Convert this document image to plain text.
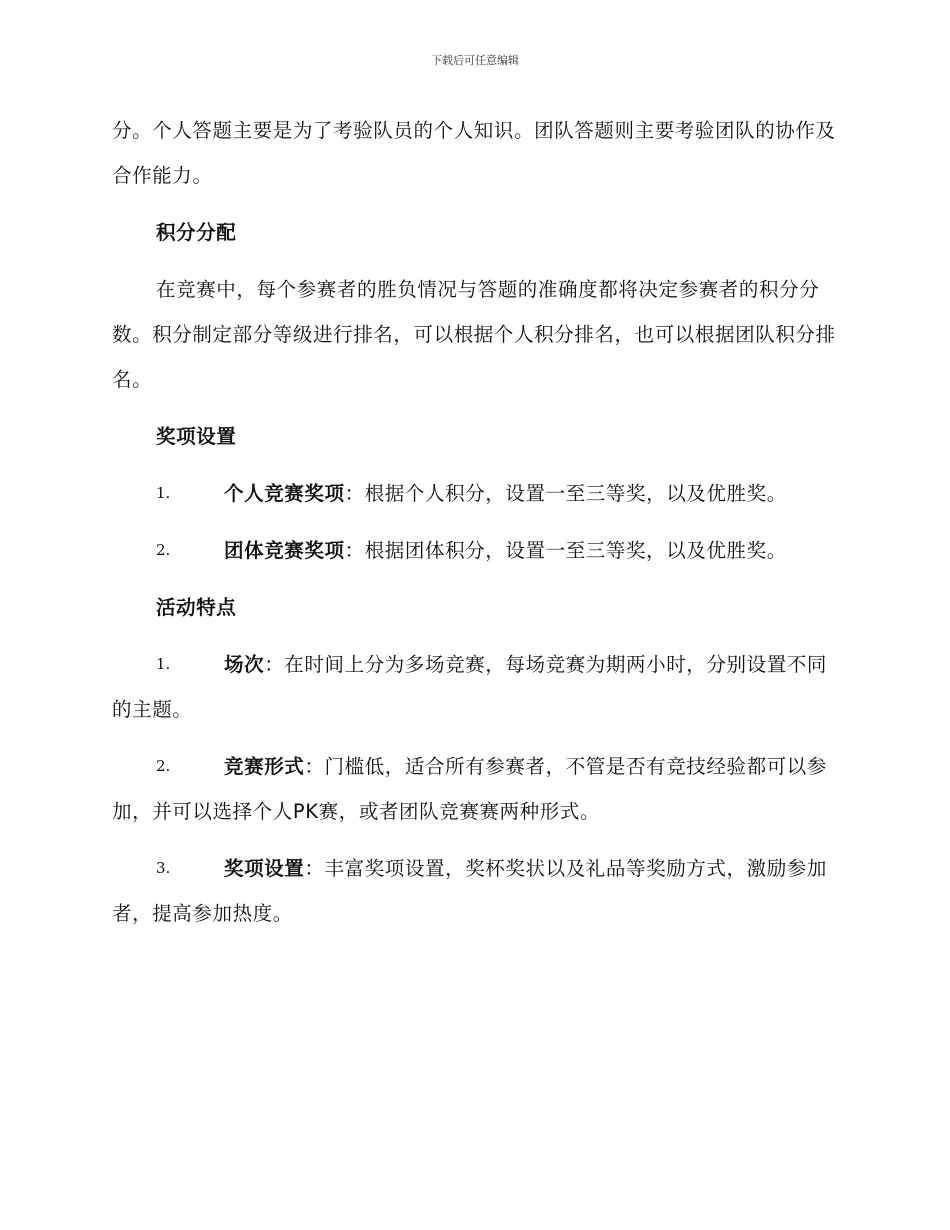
下载后可任意编辑

分。个人答题主要是为了考验队员的个人知识。团队答题则主要考验团队的协作及合作能力。

积分分配

在竞赛中，每个参赛者的胜负情况与答题的准确度都将决定参赛者的积分分数。积分制定部分等级进行排名，可以根据个人积分排名，也可以根据团队积分排名。

奖项设置
1.	个人竞赛奖项：根据个人积分，设置一至三等奖，以及优胜奖。
2.	团体竞赛奖项：根据团体积分，设置一至三等奖，以及优胜奖。
活动特点
1.	场次：在时间上分为多场竞赛，每场竞赛为期两小时，分别设置不同的主题。
2.	竞赛形式：门槛低，适合所有参赛者，不管是否有竞技经验都可以参加，并可以选择个人PK赛，或者团队竞赛赛两种形式。
3.	奖项设置：丰富奖项设置，奖杯奖状以及礼品等奖励方式，激励参加者，提高参加热度。
